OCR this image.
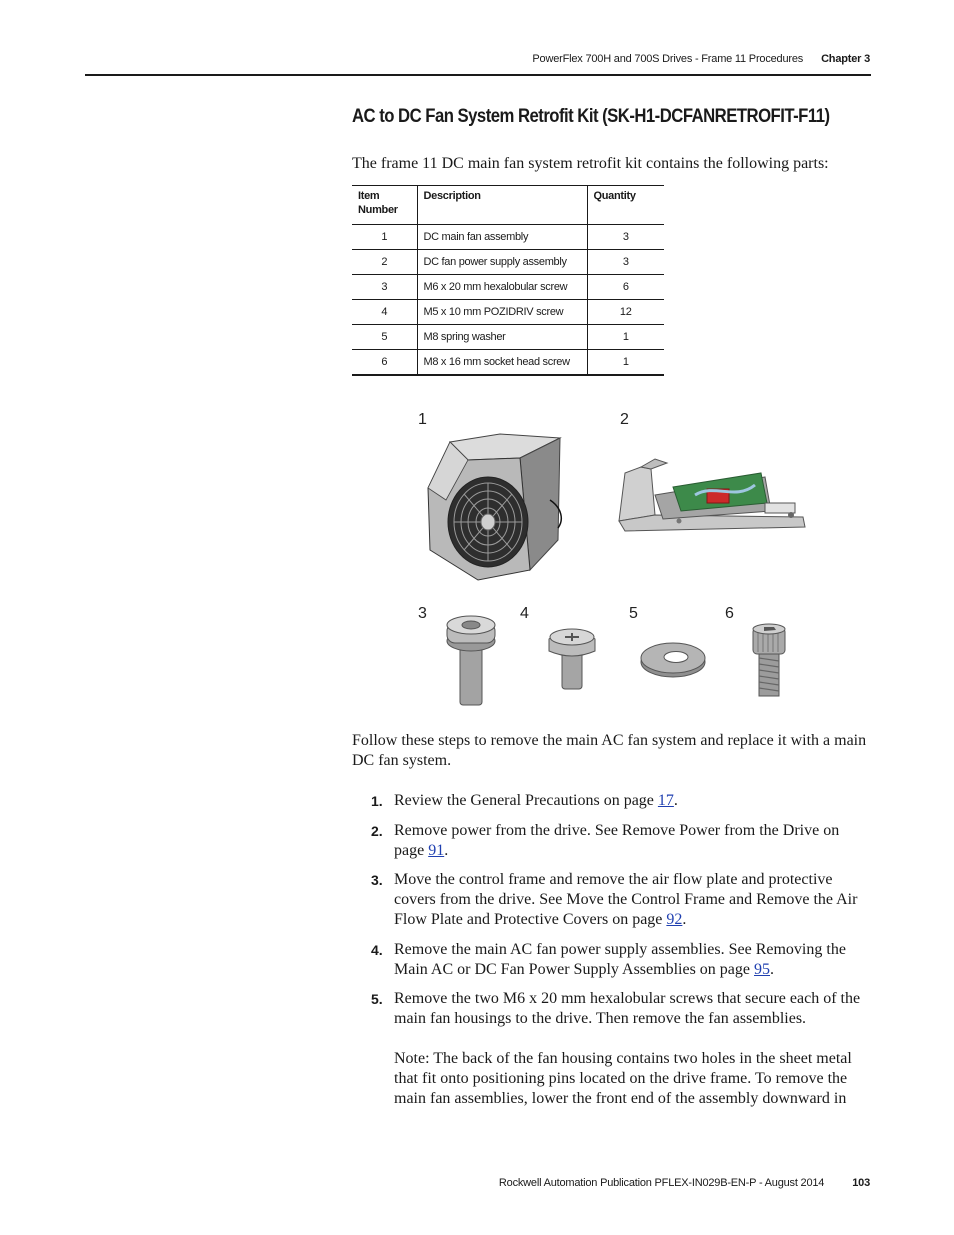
PowerFlex 700H and 700S Drives - Frame 11 Procedures Chapter 3
AC to DC Fan System Retrofit Kit (SK-H1-DCFANRETROFIT-F11)

The frame 11 DC main fan system retrofit kit contains the following parts:

Item Number	Description	Quantity
1	DC main fan assembly	3
2	DC fan power supply assembly	3
3	M6 x 20 mm hexalobular screw	6
4	M5 x 10 mm POZIDRIV screw	12
5	M8 spring washer	1
6	M8 x 16 mm socket head screw	1
1	2
3	4	5	6

Follow these steps to remove the main AC fan system and replace it with a main DC fan system.

1. Review the General Precautions on page 17.
2. Remove power from the drive. See Remove Power from the Drive on page 91.
3. Move the control frame and remove the air flow plate and protective covers from the drive. See Move the Control Frame and Remove the Air Flow Plate and Protective Covers on page 92.
4. Remove the main AC fan power supply assemblies. See Removing the Main AC or DC Fan Power Supply Assemblies on page 95.
5. Remove the two M6 x 20 mm hexalobular screws that secure each of the main fan housings to the drive. Then remove the fan assemblies.
Note: The back of the fan housing contains two holes in the sheet metal that fit onto positioning pins located on the drive frame. To remove the main fan assemblies, lower the front end of the assembly downward in
Rockwell Automation Publication PFLEX-IN029B-EN-P - August 2014	103
